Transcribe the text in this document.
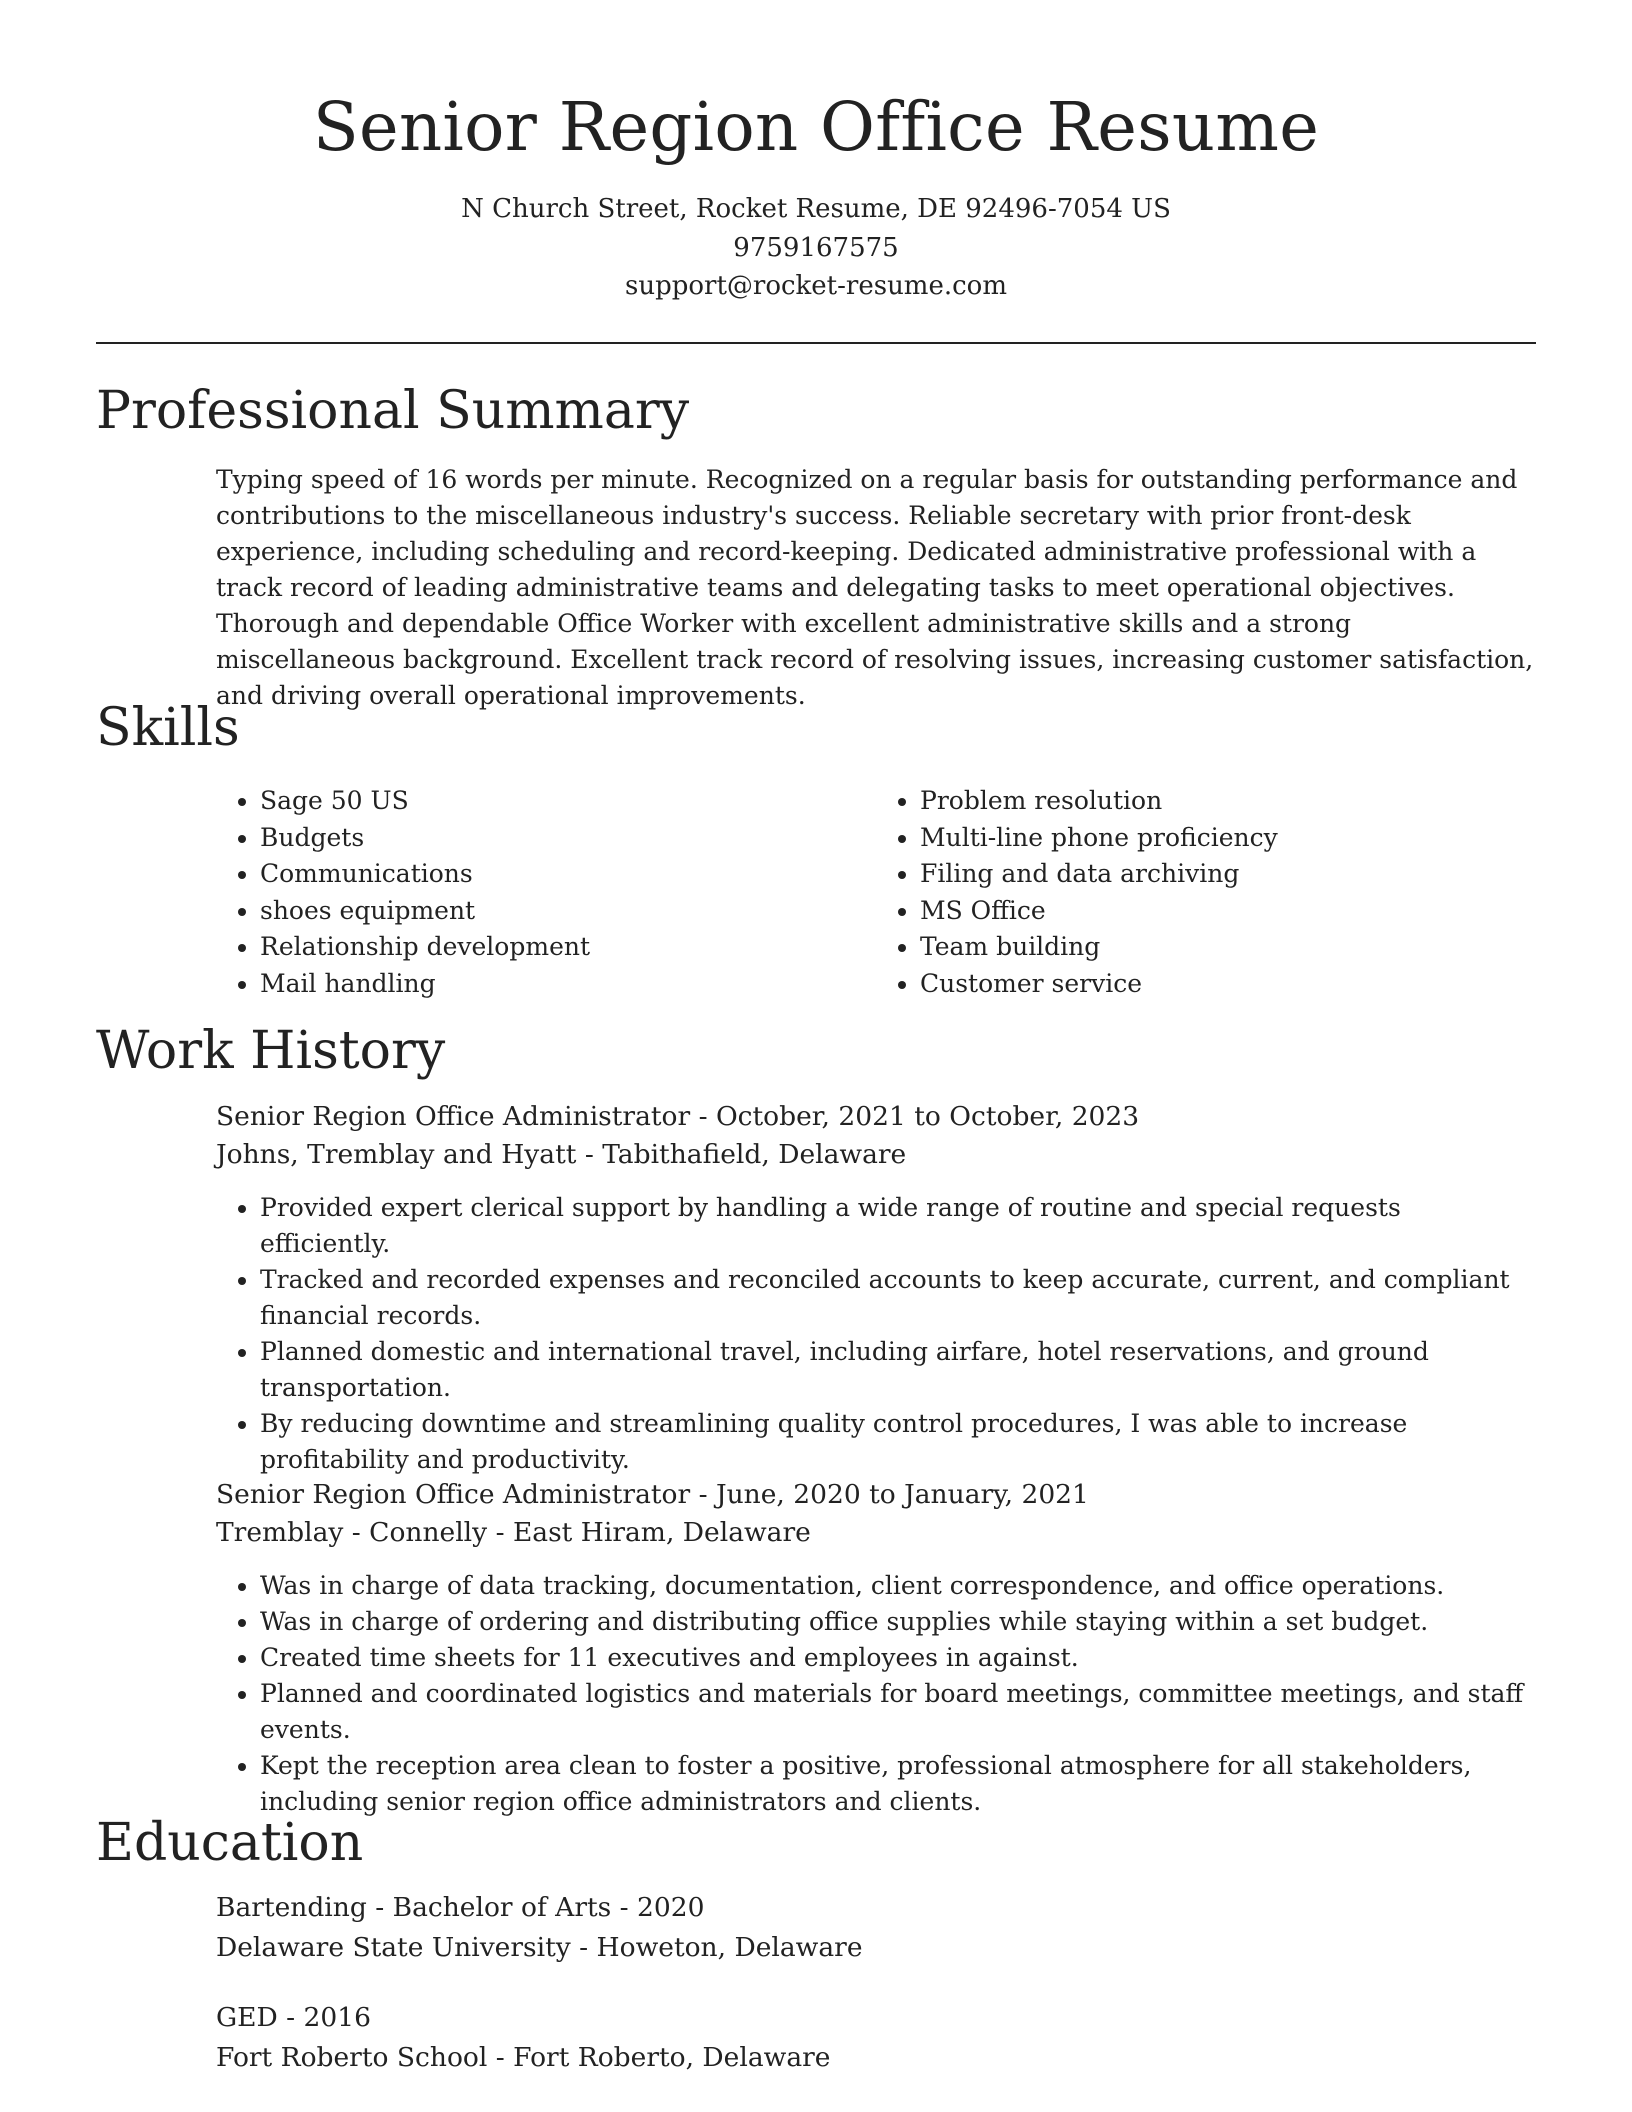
Senior Region Office Resume
N Church Street, Rocket Resume, DE 92496-7054 US
9759167575
support@rocket-resume.com
Professional Summary
Typing speed of 16 words per minute. Recognized on a regular basis for outstanding performance and contributions to the miscellaneous industry's success. Reliable secretary with prior front-desk experience, including scheduling and record-keeping. Dedicated administrative professional with a track record of leading administrative teams and delegating tasks to meet operational objectives. Thorough and dependable Office Worker with excellent administrative skills and a strong miscellaneous background. Excellent track record of resolving issues, increasing customer satisfaction, and driving overall operational improvements.
Skills
• Sage 50 US
• Budgets
• Communications
• shoes equipment
• Relationship development
• Mail handling
• Problem resolution
• Multi-line phone proficiency
• Filing and data archiving
• MS Office
• Team building
• Customer service
Work History
Senior Region Office Administrator - October, 2021 to October, 2023
Johns, Tremblay and Hyatt - Tabithafield, Delaware
• Provided expert clerical support by handling a wide range of routine and special requests efficiently.
• Tracked and recorded expenses and reconciled accounts to keep accurate, current, and compliant financial records.
• Planned domestic and international travel, including airfare, hotel reservations, and ground transportation.
• By reducing downtime and streamlining quality control procedures, I was able to increase profitability and productivity.
Senior Region Office Administrator - June, 2020 to January, 2021
Tremblay - Connelly - East Hiram, Delaware
• Was in charge of data tracking, documentation, client correspondence, and office operations.
• Was in charge of ordering and distributing office supplies while staying within a set budget.
• Created time sheets for 11 executives and employees in against.
• Planned and coordinated logistics and materials for board meetings, committee meetings, and staff events.
• Kept the reception area clean to foster a positive, professional atmosphere for all stakeholders, including senior region office administrators and clients.
Education
Bartending - Bachelor of Arts - 2020
Delaware State University - Howeton, Delaware
GED - 2016
Fort Roberto School - Fort Roberto, Delaware
